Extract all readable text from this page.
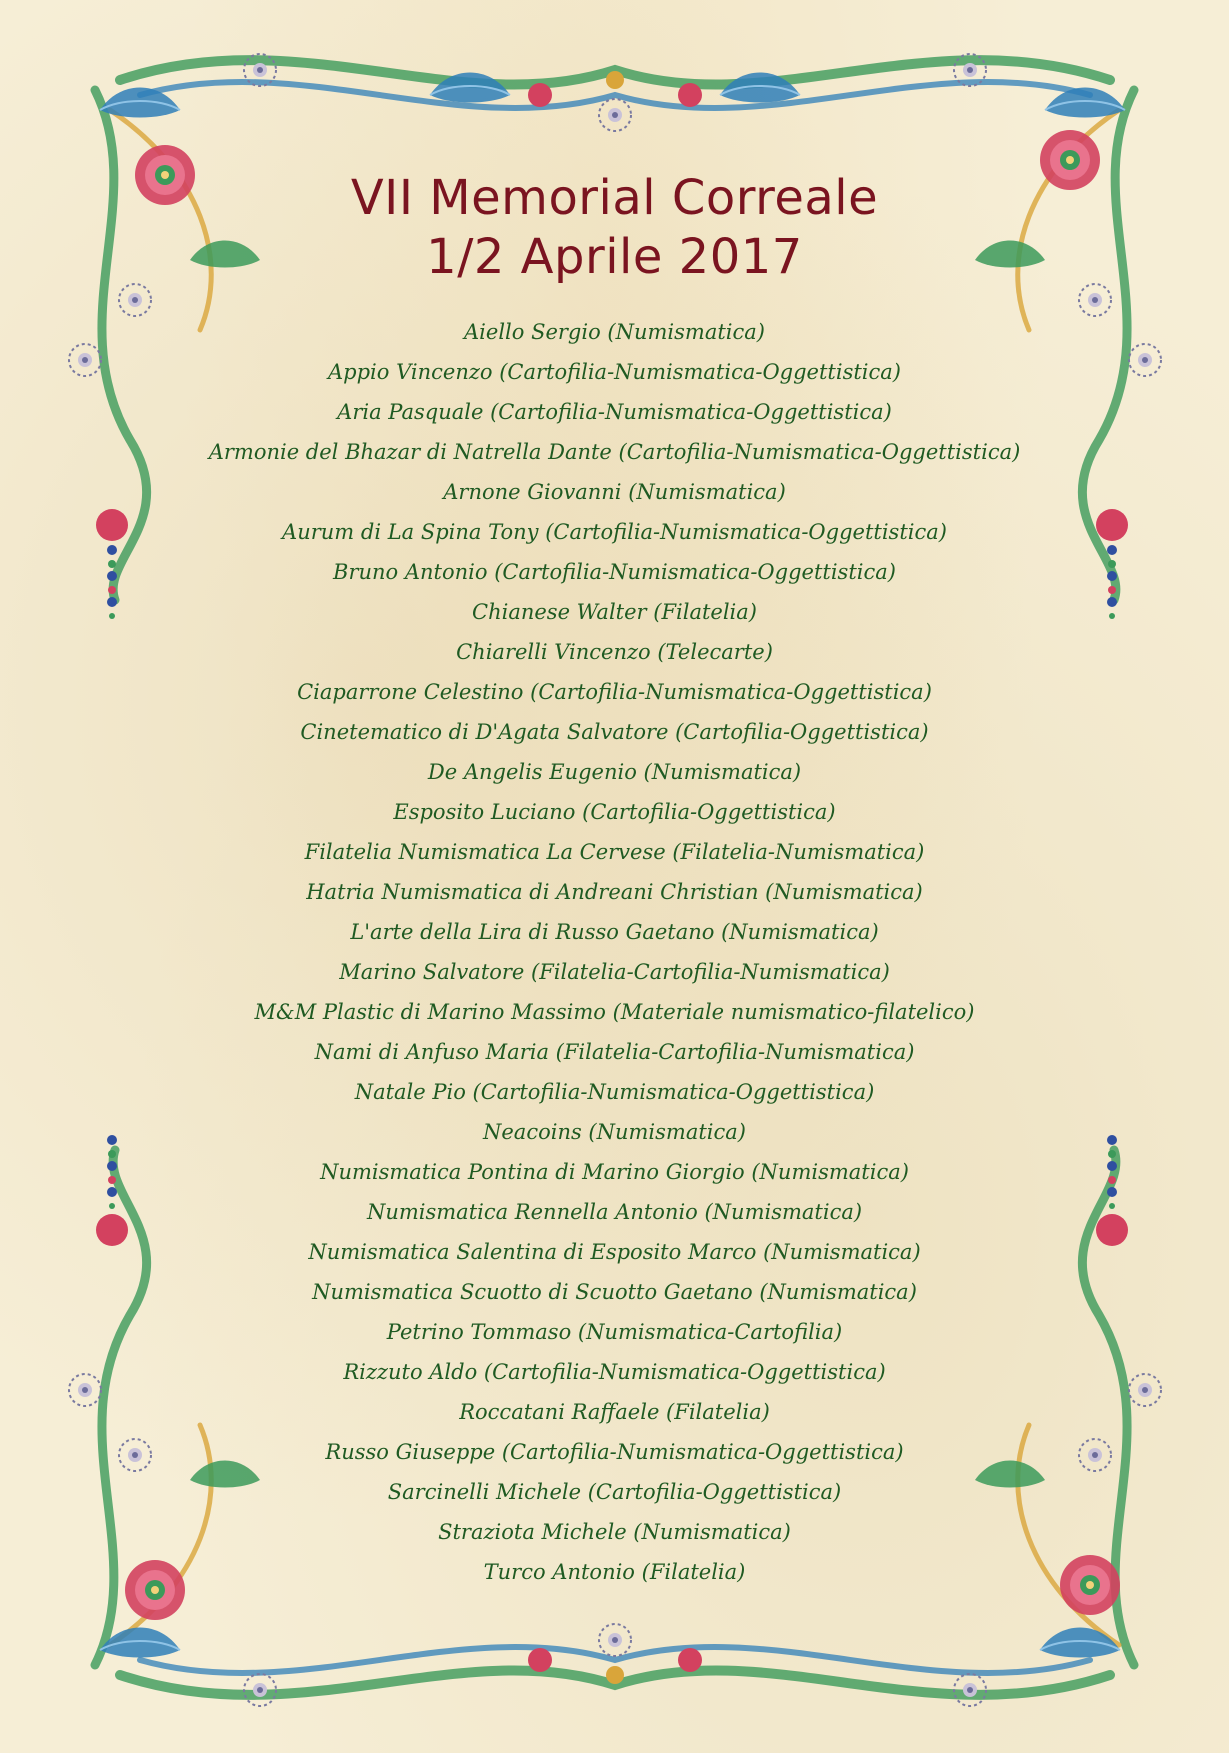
VII Memorial Correale
1/2 Aprile 2017
Aiello Sergio (Numismatica)
Appio Vincenzo (Cartofilia-Numismatica-Oggettistica)
Aria Pasquale (Cartofilia-Numismatica-Oggettistica)
Armonie del Bhazar di Natrella Dante (Cartofilia-Numismatica-Oggettistica)
Arnone Giovanni (Numismatica)
Aurum di La Spina Tony (Cartofilia-Numismatica-Oggettistica)
Bruno Antonio (Cartofilia-Numismatica-Oggettistica)
Chianese Walter (Filatelia)
Chiarelli Vincenzo (Telecarte)
Ciaparrone Celestino (Cartofilia-Numismatica-Oggettistica)
Cinetematico di D'Agata Salvatore (Cartofilia-Oggettistica)
De Angelis Eugenio (Numismatica)
Esposito Luciano (Cartofilia-Oggettistica)
Filatelia Numismatica La Cervese (Filatelia-Numismatica)
Hatria Numismatica di Andreani Christian (Numismatica)
L'arte della Lira di Russo Gaetano (Numismatica)
Marino Salvatore (Filatelia-Cartofilia-Numismatica)
M&M Plastic di Marino Massimo (Materiale numismatico-filatelico)
Nami di Anfuso Maria (Filatelia-Cartofilia-Numismatica)
Natale Pio (Cartofilia-Numismatica-Oggettistica)
Neacoins (Numismatica)
Numismatica Pontina di Marino Giorgio (Numismatica)
Numismatica Rennella Antonio (Numismatica)
Numismatica Salentina di Esposito Marco (Numismatica)
Numismatica Scuotto di Scuotto Gaetano (Numismatica)
Petrino Tommaso (Numismatica-Cartofilia)
Rizzuto Aldo (Cartofilia-Numismatica-Oggettistica)
Roccatani Raffaele (Filatelia)
Russo Giuseppe (Cartofilia-Numismatica-Oggettistica)
Sarcinelli Michele (Cartofilia-Oggettistica)
Straziota Michele (Numismatica)
Turco Antonio (Filatelia)
